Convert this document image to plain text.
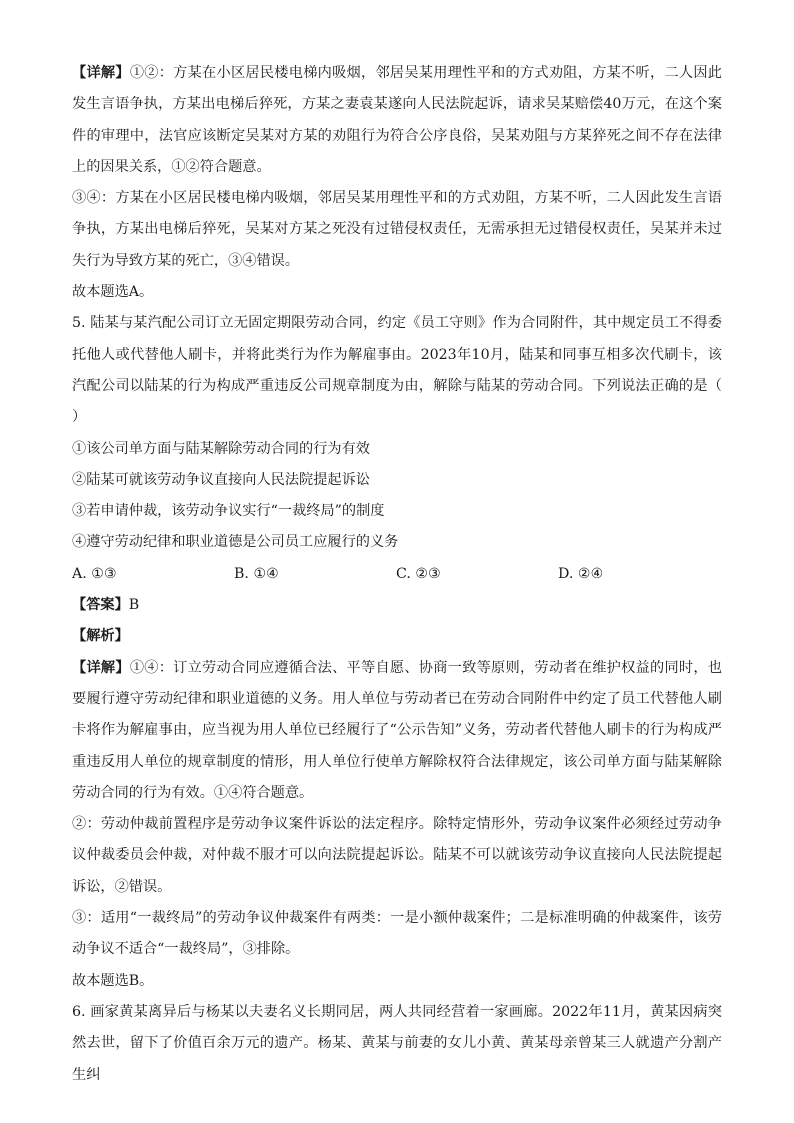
【详解】①②：方某在小区居民楼电梯内吸烟，邻居吴某用理性平和的方式劝阻，方某不听，二人因此发生言语争执，方某出电梯后猝死，方某之妻袁某遂向人民法院起诉，请求吴某赔偿40万元，在这个案件的审理中，法官应该断定吴某对方某的劝阻行为符合公序良俗，吴某劝阻与方某猝死之间不存在法律上的因果关系，①②符合题意。

③④：方某在小区居民楼电梯内吸烟，邻居吴某用理性平和的方式劝阻，方某不听，二人因此发生言语争执，方某出电梯后猝死，吴某对方某之死没有过错侵权责任，无需承担无过错侵权责任，吴某并未过失行为导致方某的死亡，③④错误。

故本题选A。

5. 陆某与某汽配公司订立无固定期限劳动合同，约定《员工守则》作为合同附件，其中规定员工不得委托他人或代替他人刷卡，并将此类行为作为解雇事由。2023年10月，陆某和同事互相多次代刷卡，该汽配公司以陆某的行为构成严重违反公司规章制度为由，解除与陆某的劳动合同。下列说法正确的是（　　）

①该公司单方面与陆某解除劳动合同的行为有效

②陆某可就该劳动争议直接向人民法院提起诉讼

③若申请仲裁，该劳动争议实行“一裁终局”的制度

④遵守劳动纪律和职业道德是公司员工应履行的义务

A. ①③	B. ①④	C. ②③	D. ②④

【答案】B

【解析】

【详解】①④：订立劳动合同应遵循合法、平等自愿、协商一致等原则，劳动者在维护权益的同时，也要履行遵守劳动纪律和职业道德的义务。用人单位与劳动者已在劳动合同附件中约定了员工代替他人刷卡将作为解雇事由，应当视为用人单位已经履行了“公示告知”义务，劳动者代替他人刷卡的行为构成严重违反用人单位的规章制度的情形，用人单位行使单方解除权符合法律规定，该公司单方面与陆某解除劳动合同的行为有效。①④符合题意。

②：劳动仲裁前置程序是劳动争议案件诉讼的法定程序。除特定情形外，劳动争议案件必须经过劳动争议仲裁委员会仲裁，对仲裁不服才可以向法院提起诉讼。陆某不可以就该劳动争议直接向人民法院提起诉讼，②错误。

③：适用“一裁终局”的劳动争议仲裁案件有两类：一是小额仲裁案件；二是标准明确的仲裁案件，该劳动争议不适合“一裁终局”，③排除。

故本题选B。

6. 画家黄某离异后与杨某以夫妻名义长期同居，两人共同经营着一家画廊。2022年11月，黄某因病突然去世，留下了价值百余万元的遗产。杨某、黄某与前妻的女儿小黄、黄某母亲曾某三人就遗产分割产生纠
